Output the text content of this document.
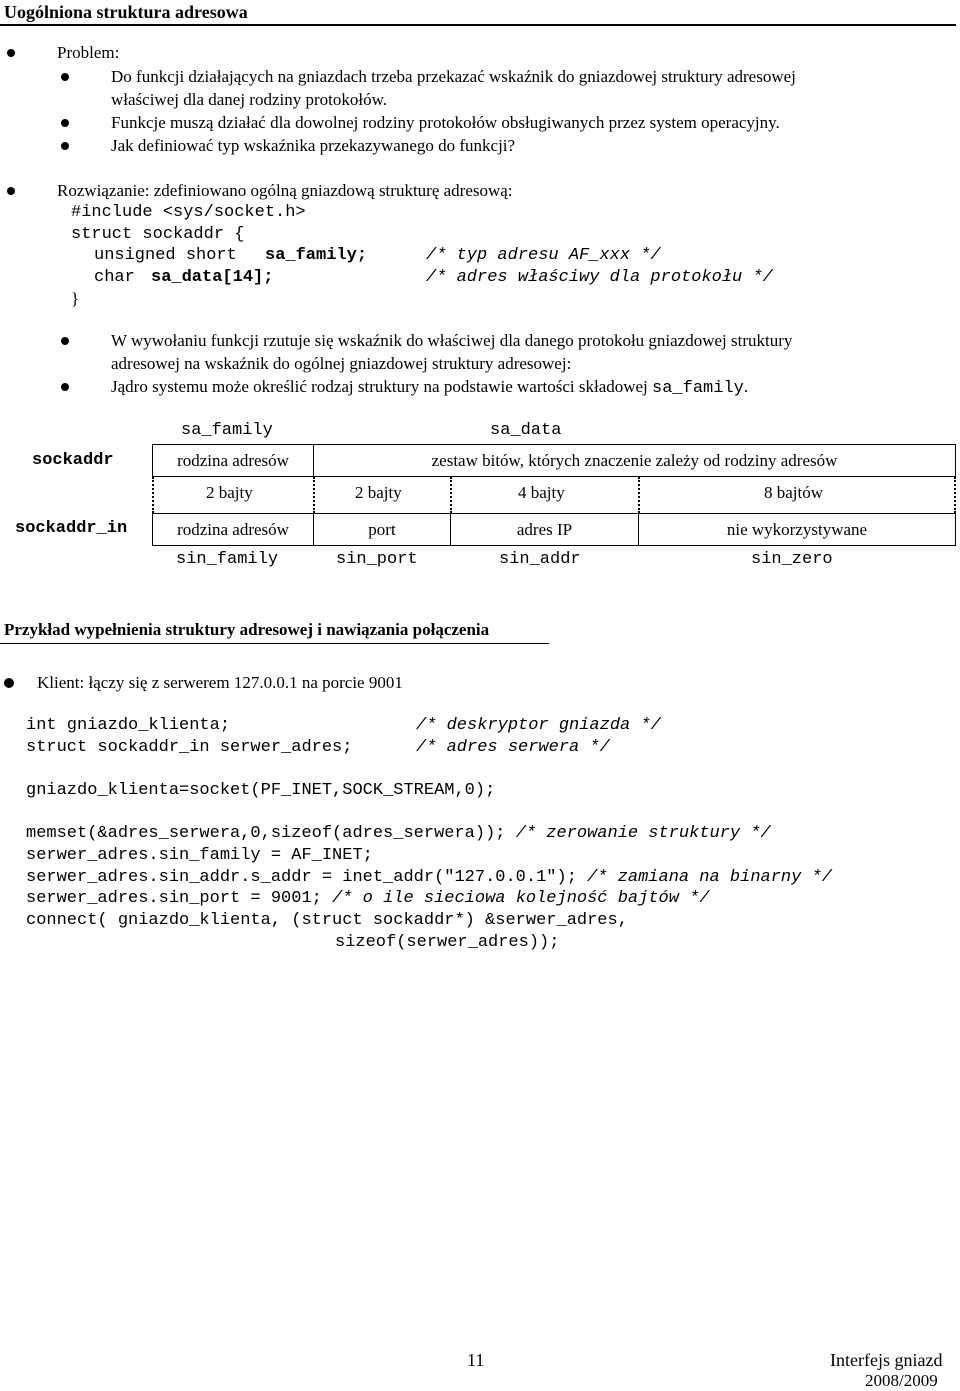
Uogólniona struktura adresowa
Problem:
Do funkcji działających na gniazdach trzeba przekazać wskaźnik do gniazdowej struktury adresowej
właściwej dla danej rodziny protokołów.
Funkcje muszą działać dla dowolnej rodziny protokołów obsługiwanych przez system operacyjny.
Jak definiować typ wskaźnika przekazywanego do funkcji?
Rozwiązanie: zdefiniowano ogólną gniazdową strukturę adresową:
#include <sys/socket.h>
struct sockaddr {
unsigned short sa_family;	/* typ adresu AF_xxx */
char sa_data[14];	/* adres właściwy dla protokołu */
}
W wywołaniu funkcji rzutuje się wskaźnik do właściwej dla danego protokołu gniazdowej struktury
adresowej na wskaźnik do ogólnej gniazdowej struktury adresowej:
Jądro systemu może określić rodzaj struktury na podstawie wartości składowej sa_family.
sa_family	sa_data
sockaddr	rodzina adresów	zestaw bitów, których znaczenie zależy od rodziny adresów
2 bajty	2 bajty	4 bajty	8 bajtów
sockaddr_in	rodzina adresów	port	adres IP	nie wykorzystywane
sin_family	sin_port	sin_addr	sin_zero
Przykład wypełnienia struktury adresowej i nawiązania połączenia
Klient: łączy się z serwerem 127.0.0.1 na porcie 9001
int gniazdo_klienta;	/* deskryptor gniazda */
struct sockaddr_in serwer_adres;	/* adres serwera */
gniazdo_klienta=socket(PF_INET,SOCK_STREAM,0);
memset(&adres_serwera,0,sizeof(adres_serwera)); /* zerowanie struktury */
serwer_adres.sin_family = AF_INET;
serwer_adres.sin_addr.s_addr = inet_addr("127.0.0.1"); /* zamiana na binarny */
serwer_adres.sin_port = 9001; /* o ile sieciowa kolejność bajtów */
connect( gniazdo_klienta, (struct sockaddr*) &serwer_adres,
sizeof(serwer_adres));
11	Interfejs gniazd
2008/2009
